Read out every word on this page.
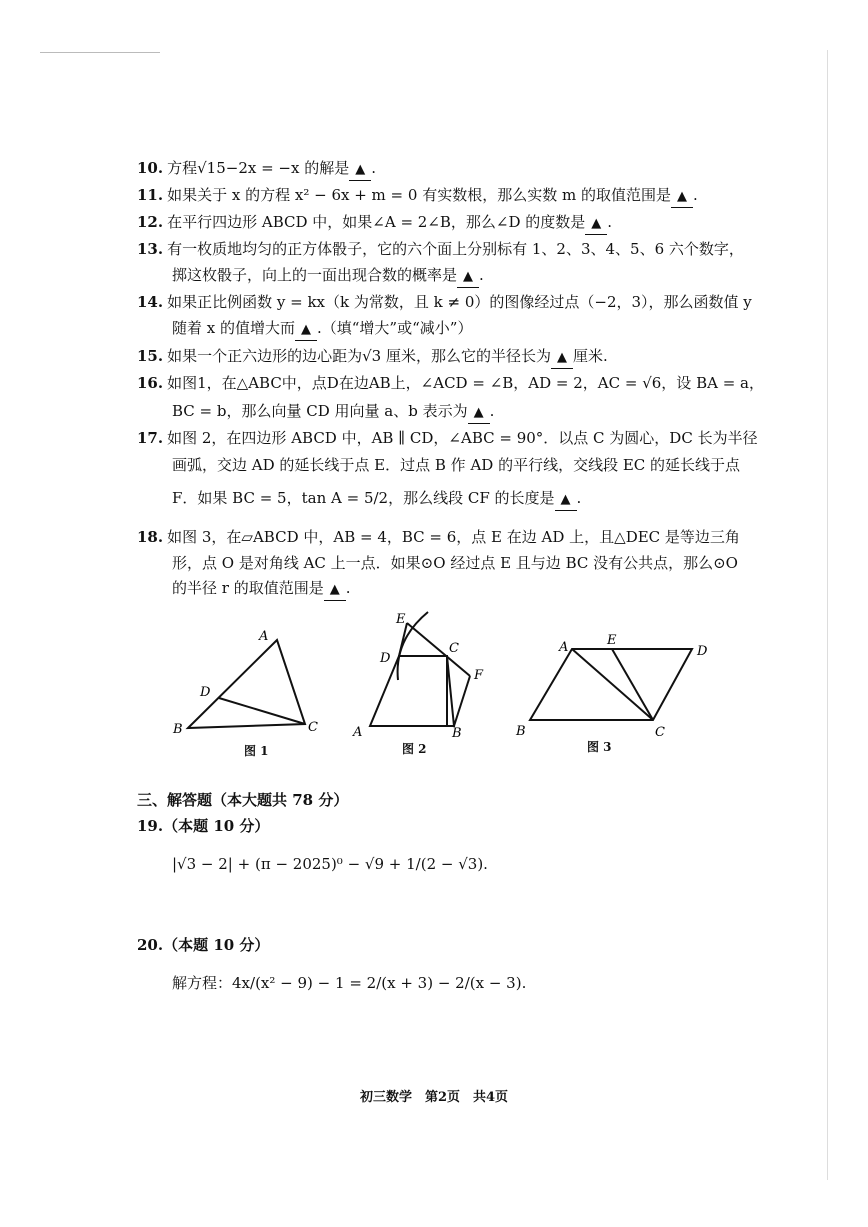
10. 方程√15−2x = −x 的解是 ▲ .
11. 如果关于 x 的方程 x² − 6x + m = 0 有实数根，那么实数 m 的取值范围是 ▲ .
12. 在平行四边形 ABCD 中，如果∠A = 2∠B，那么∠D 的度数是 ▲ .
13. 有一枚质地均匀的正方体骰子，它的六个面上分别标有 1、2、3、4、5、6 六个数字，
掷这枚骰子，向上的一面出现合数的概率是 ▲ .
14. 如果正比例函数 y = kx（k 为常数，且 k ≠ 0）的图像经过点（−2，3），那么函数值 y
随着 x 的值增大而 ▲ .（填“增大”或“减小”）
15. 如果一个正六边形的边心距为√3 厘米，那么它的半径长为 ▲ 厘米.
16. 如图1，在△ABC中，点D在边AB上，∠ACD = ∠B，AD = 2，AC = √6，设 BA = a，
BC = b，那么向量 CD 用向量 a、b 表示为 ▲ .
17. 如图 2，在四边形 ABCD 中，AB ∥ CD，∠ABC = 90°．以点 C 为圆心，DC 长为半径
画弧，交边 AD 的延长线于点 E．过点 B 作 AD 的平行线，交线段 EC 的延长线于点
F．如果 BC = 5，tan A = 5/2，那么线段 CF 的长度是 ▲ .
18. 如图 3，在▱ABCD 中，AB = 4，BC = 6，点 E 在边 AD 上，且△DEC 是等边三角
形，点 O 是对角线 AC 上一点．如果⊙O 经过点 E 且与边 BC 没有公共点，那么⊙O
的半径 r 的取值范围是 ▲ .
A
D
B	C
E
D
C
F
A	B
A	E
D
B	C
图 1	图 2	图 3
三、解答题（本大题共 78 分）
19.（本题 10 分）
|√3 − 2| + (π − 2025)⁰ − √9 + 1/(2 − √3).
20.（本题 10 分）
解方程：4x/(x² − 9) − 1 = 2/(x + 3) − 2/(x − 3).
初三数学　第2页　共4页
